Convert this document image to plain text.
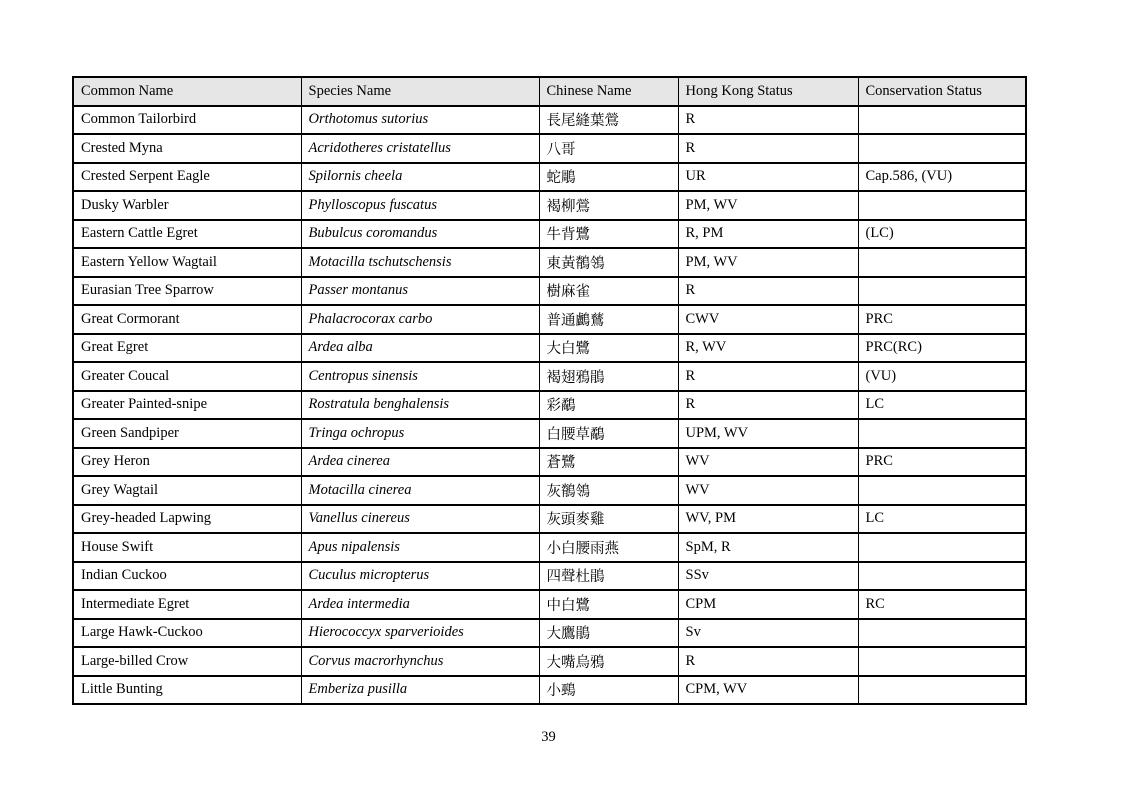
Common Name	Species Name	Chinese Name	Hong Kong Status	Conservation Status
Common Tailorbird	Orthotomus sutorius	長尾縫葉鶯	R	
Crested Myna	Acridotheres cristatellus	八哥	R	
Crested Serpent Eagle	Spilornis cheela	蛇鵰	UR	Cap.586, (VU)
Dusky Warbler	Phylloscopus fuscatus	褐柳鶯	PM, WV	
Eastern Cattle Egret	Bubulcus coromandus	牛背鷺	R, PM	(LC)
Eastern Yellow Wagtail	Motacilla tschutschensis	東黃鶺鴒	PM, WV	
Eurasian Tree Sparrow	Passer montanus	樹麻雀	R	
Great Cormorant	Phalacrocorax carbo	普通鸕鶿	CWV	PRC
Great Egret	Ardea alba	大白鷺	R, WV	PRC(RC)
Greater Coucal	Centropus sinensis	褐翅鴉鵑	R	(VU)
Greater Painted-snipe	Rostratula benghalensis	彩鷸	R	LC
Green Sandpiper	Tringa ochropus	白腰草鷸	UPM, WV	
Grey Heron	Ardea cinerea	蒼鷺	WV	PRC
Grey Wagtail	Motacilla cinerea	灰鶺鴒	WV	
Grey-headed Lapwing	Vanellus cinereus	灰頭麥雞	WV, PM	LC
House Swift	Apus nipalensis	小白腰雨燕	SpM, R	
Indian Cuckoo	Cuculus micropterus	四聲杜鵑	SSv	
Intermediate Egret	Ardea intermedia	中白鷺	CPM	RC
Large Hawk-Cuckoo	Hierococcyx sparverioides	大鷹鵑	Sv	
Large-billed Crow	Corvus macrorhynchus	大嘴烏鴉	R	
Little Bunting	Emberiza pusilla	小鵐	CPM, WV	
39
